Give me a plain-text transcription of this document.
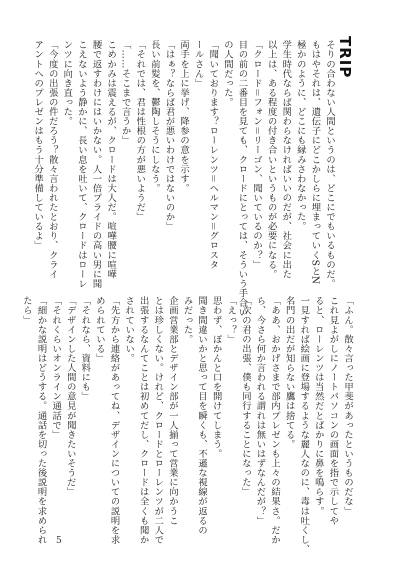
TRIP
そりの合わない人間というのは、どこにでもいるものだ。
もはやそれは、遺伝子にどこかしらに埋まっていくSとN
極かのように、どこにも縁みさわなかった。
学生時代ならば関わらなければいいのだが、社会に出た
以上は、ある程度の付き合いというものが必要になる。
「クロード＝フォン＝リーゴン、聞いているのか？」
目の前の二番目を見ても、クロードにとっては、そういう手合い
の人間だった。
「聞いております？ローレンツ＝ヘルマン＝グロスタ
ールさん」
両手を上に挙げ、降参の意を示す。
「はぁ？ならば君が悪いわけではないのか」
長い前髪を、鬱陶しそうにしなう。
「それでは、君は性根の方が悪いようだ」
「……そこまで言うか」
こめかみは震えるが、クロードは大人だ。喧嘩腰に喧嘩
腰で返すわけにはいかない。人一倍プライドの高い男に聞
こえないよう静かに、長い息を吐いて、クロードはローレ
ンツに向き直った。
「今度の出張の件だろう？散々言われたとおり、クライ
アントへのプレゼンはもう十分準備しているよ」
「ふん。散々言った甲斐があったというものだな」
これ見よがしにノートパソコンの画面を指で示してや
ると、ローレンツは当然だとばかりに鼻を鳴らす。
一見すれば絵画に登場するような麗人なのに、毒は吐くし、
名門の出だが知らない鷹は捨てる。
「ああ、おかげさまで部内プレゼンも上々の結果さ。だか
ら、今さら何か言われる謂れは無いはずなんだが？」
「次の君の出張、僕も同行することになった」
「えっ？」
思わず、ぽかんと口を開けてしまう。
聞き間違いかと思って目を瞬くも、不遜な視線が返るの
みだった。
企画営業部とデザイン部が一人揃って営業に向かうこ
とは珍しくない。けれど、クロードとローレンツが二人で
出張するなんてことは初めてだし、クロードは全くも聞か
されていない。
「先方から連絡があってね、デザインについての説明を求
められている」
「それなら、資料にも」
「デザインした人間の意見が聞きたいそうだ」
「それくらいオンライン通話で」
「細かな説明はどうする。通話を切った後説明を求められ
たら」
5
